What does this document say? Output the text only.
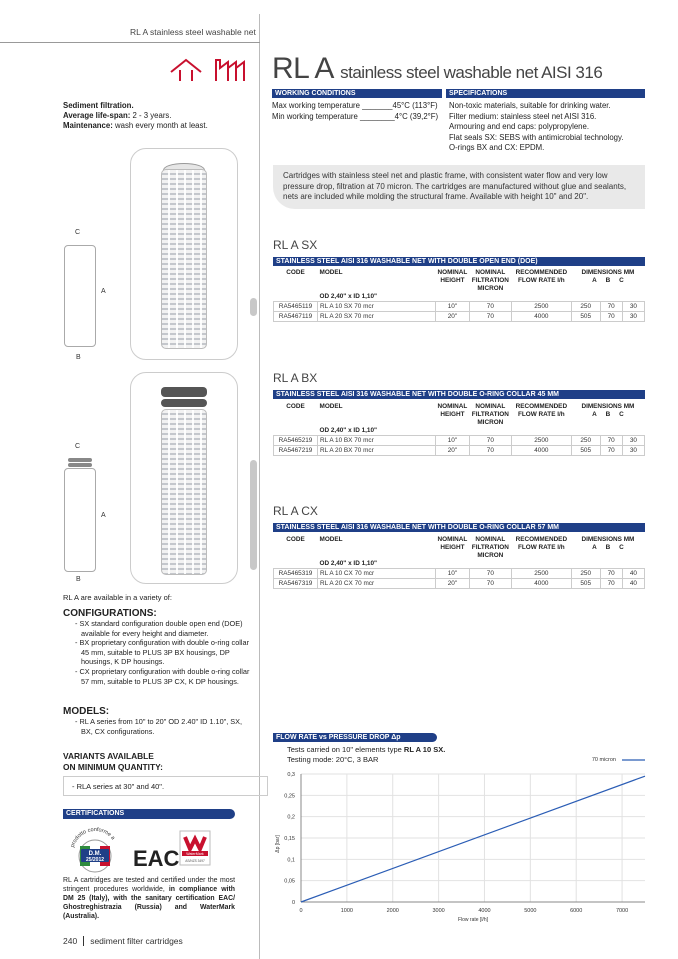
RL A stainless steel washable net
RL A stainless steel washable net AISI 316
WORKING CONDITIONS	SPECIFICATIONS
Max working temperature _______45°C (113°F)
Min working temperature ________4°C (39,2°F)
Non-toxic materials, suitable for drinking water.
Filter medium: stainless steel net AISI 316.
Armouring and end caps: polypropylene.
Flat seals SX: SEBS with antimicrobial technology.
O-rings BX and CX: EPDM.
Sediment filtration.
Average life-span: 2 - 3 years.
Maintenance: wash every month at least.
Cartridges with stainless steel net and plastic frame, with consistent water flow and very low pressure drop, filtration at 70 micron. The cartridges are manufactured without glue and sealants, nets are included while molding the structural frame. Available with height 10" and 20".
C
A
B
C
A
B
RL A SX
STAINLESS STEEL AISI 316 WASHABLE NET WITH DOUBLE OPEN END (DOE)
CODE	MODEL	NOMINAL
HEIGHT	NOMINAL
FILTRATION
MICRON	RECOMMENDED
FLOW RATE l/h	DIMENSIONS MM
A B C		
	OD 2,40" x ID 1,10"						
RA5465119	RL A 10 SX 70 mcr	10"	70	2500	250	70	30
RA5467119	RL A 20 SX 70 mcr	20"	70	4000	505	70	30
RL A BX
STAINLESS STEEL AISI 316 WASHABLE NET WITH DOUBLE O-RING COLLAR 45 MM
CODE	MODEL	NOMINAL
HEIGHT	NOMINAL
FILTRATION
MICRON	RECOMMENDED
FLOW RATE l/h	DIMENSIONS MM
A B C		
	OD 2,40" x ID 1,10"						
RA5465219	RL A 10 BX 70 mcr	10"	70	2500	250	70	30
RA5467219	RL A 20 BX 70 mcr	20"	70	4000	505	70	30
RL A CX
STAINLESS STEEL AISI 316 WASHABLE NET WITH DOUBLE O-RING COLLAR 57 MM
CODE	MODEL	NOMINAL
HEIGHT	NOMINAL
FILTRATION
MICRON	RECOMMENDED
FLOW RATE l/h	DIMENSIONS MM
A B C		
	OD 2,40" x ID 1,10"						
RA5465319	RL A 10 CX 70 mcr	10"	70	2500	250	70	40
RA5467319	RL A 20 CX 70 mcr	20"	70	4000	505	70	40
RL A are available in a variety of:
CONFIGURATIONS:
- SX standard configuration double open end (DOE) available for every height and diameter.
- BX proprietary configuration with double o-ring collar 45 mm, suitable to PLUS 3P BX housings, DP housings, K DP housings.
- CX proprietary configuration with double o-ring collar 57 mm, suitable to PLUS 3P CX, K DP housings.
MODELS:
- RL A series from 10" to 20" OD 2.40" ID 1.10", SX, BX, CX configurations.
VARIANTS AVAILABLE
ON MINIMUM QUANTITY:
- RLA series at 30" and 40".
CERTIFICATIONS
prodotto conforme a
D.M.
25/2012 EAC WaterMark
AS/NZS 3497
RL A cartridges are tested and certified under the most stringent procedures worldwide, in compliance with DM 25 (Italy), with the sanitary certification EAC/ Ghostreghistrazia (Russia) and WaterMark (Australia).
FLOW RATE vs PRESSURE DROP Δp
Tests carried on 10" elements type RL A 10 SX.
Testing mode: 20°C, 3 BAR
0
0,05
0,1
0,15
0,2
0,25
0,3
0	1000	2000	3000	4000	5000	6000	7000
Flow rate [l/h]
Δp [bar]
70 micron
240 sediment filter cartridges
